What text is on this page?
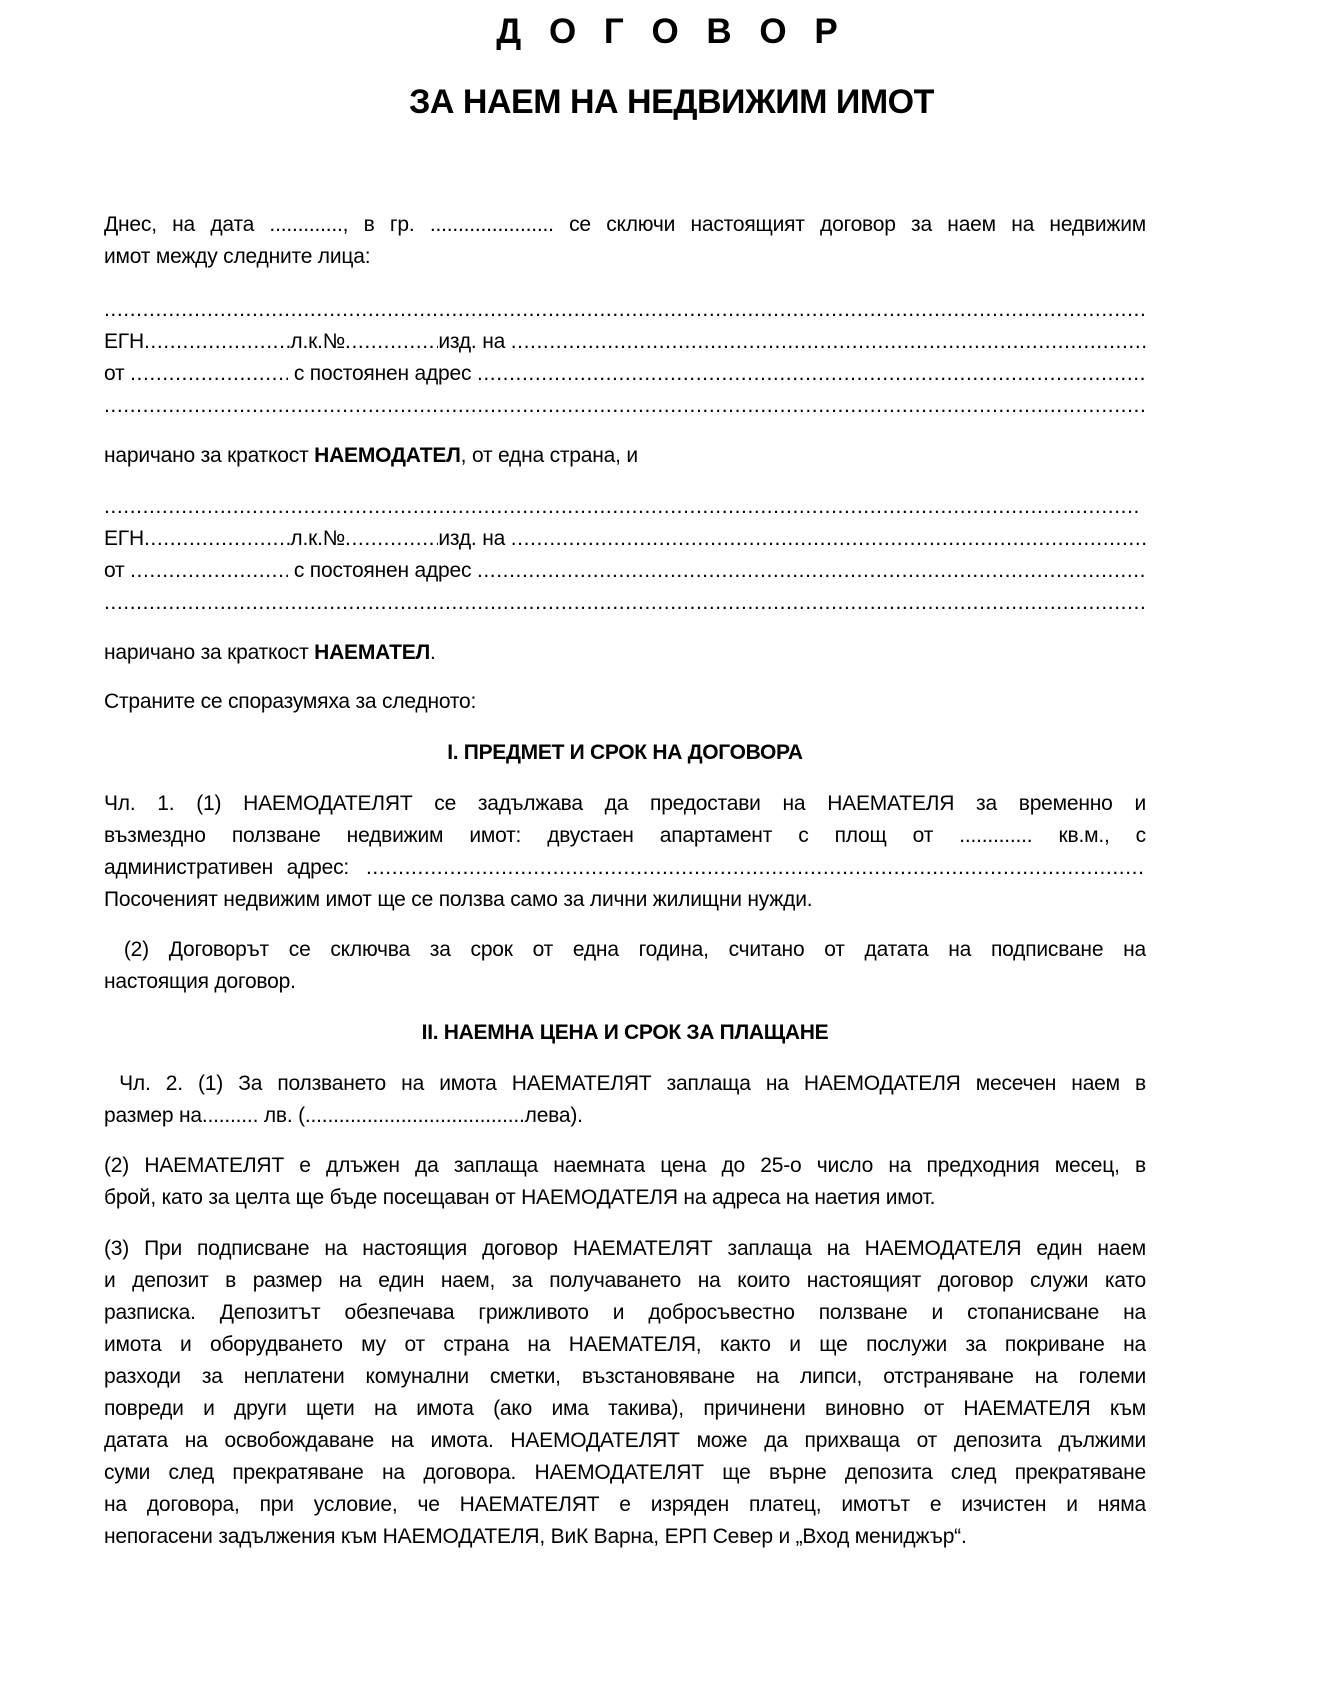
Д О Г О В О Р
ЗА НАЕМ НА НЕДВИЖИМ ИМОТ
Днес, на дата ............., в гр. ...................... се сключи настоящият договор за наем на недвижим
имот между следните лица:
.....
ЕГН .....	л.к.№ .....	изд. на

.....
от
.....
	с постоянен адрес

.....
.....
наричано за краткост НАЕМОДАТЕЛ , от една страна, и
.....
ЕГН .....	л.к.№ .....	изд. на

.....
от
.....
	с постоянен адрес

.....
.....
наричано за краткост НАЕМАТЕЛ .
Страните се споразумяха за следното:
I. ПРЕДМЕТ И СРОК НА ДОГОВОРА
Чл. 1. (1) НАЕМОДАТЕЛЯТ се задължава да предостави на НАЕМАТЕЛЯ за временно и
възмездно ползване недвижим имот: двустаен апартамент с площ от ............. кв.м., с
административен адрес:

.....
Посоченият недвижим имот ще се ползва само за лични жилищни нужди.
(2) Договорът се сключва за срок от една година, считано от датата на подписване на
настоящия договор.
II. НАЕМНА ЦЕНА И СРОК ЗА ПЛАЩАНЕ
Чл. 2. (1) За ползването на имота НАЕМАТЕЛЯТ заплаща на НАЕМОДАТЕЛЯ месечен наем в
размер на.......... лв. (.......................................лева).
(2) НАЕМАТЕЛЯТ е длъжен да заплаща наемната цена до 25-о число на предходния месец, в
брой, като за целта ще бъде посещаван от НАЕМОДАТЕЛЯ на адреса на наетия имот.
(3) При подписване на настоящия договор НАЕМАТЕЛЯТ заплаща на НАЕМОДАТЕЛЯ един наем
и депозит в размер на един наем, за получаването на които настоящият договор служи като
разписка. Депозитът обезпечава грижливото и добросъвестно ползване и стопанисване на
имота и оборудването му от страна на НАЕМАТЕЛЯ, както и ще послужи за покриване на
разходи за неплатени комунални сметки, възстановяване на липси, отстраняване на големи
повреди и други щети на имота (ако има такива), причинени виновно от НАЕМАТЕЛЯ към
датата на освобождаване на имота. НАЕМОДАТЕЛЯТ може да прихваща от депозита дължими
суми след прекратяване на договора. НАЕМОДАТЕЛЯТ ще върне депозита след прекратяване
на договора, при условие, че НАЕМАТЕЛЯТ е изряден платец, имотът е изчистен и няма
непогасени задължения към НАЕМОДАТЕЛЯ, ВиК Варна, ЕРП Север и „Вход мениджър“.
